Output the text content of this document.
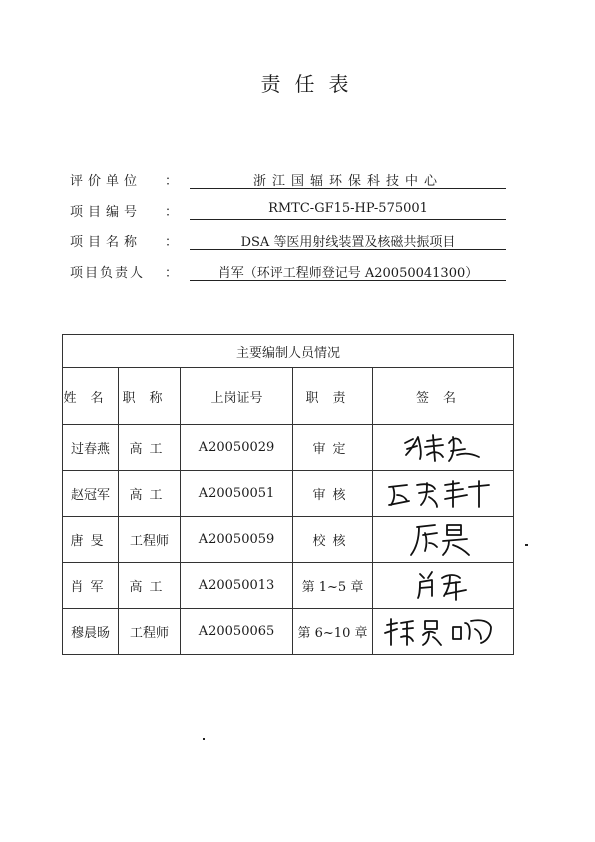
责任表
评价单位	：	浙江国辐环保科技中心
项目编号	：	RMTC-GF15-HP-575001
项目名称	：	DSA 等医用射线装置及核磁共振项目
项目负责人	：	肖军（环评工程师登记号 A20050041300）
主要编制人员情况				
姓名	职称	上岗证号	职责	签名
过春燕	高工	A20050029	审定	

赵冠军	高工	A20050051	审核	

唐旻	工程师	A20050059	校核	

肖军	高工	A20050013	第 1~5 章	

穆晨旸	工程师	A20050065	第 6~10 章	
